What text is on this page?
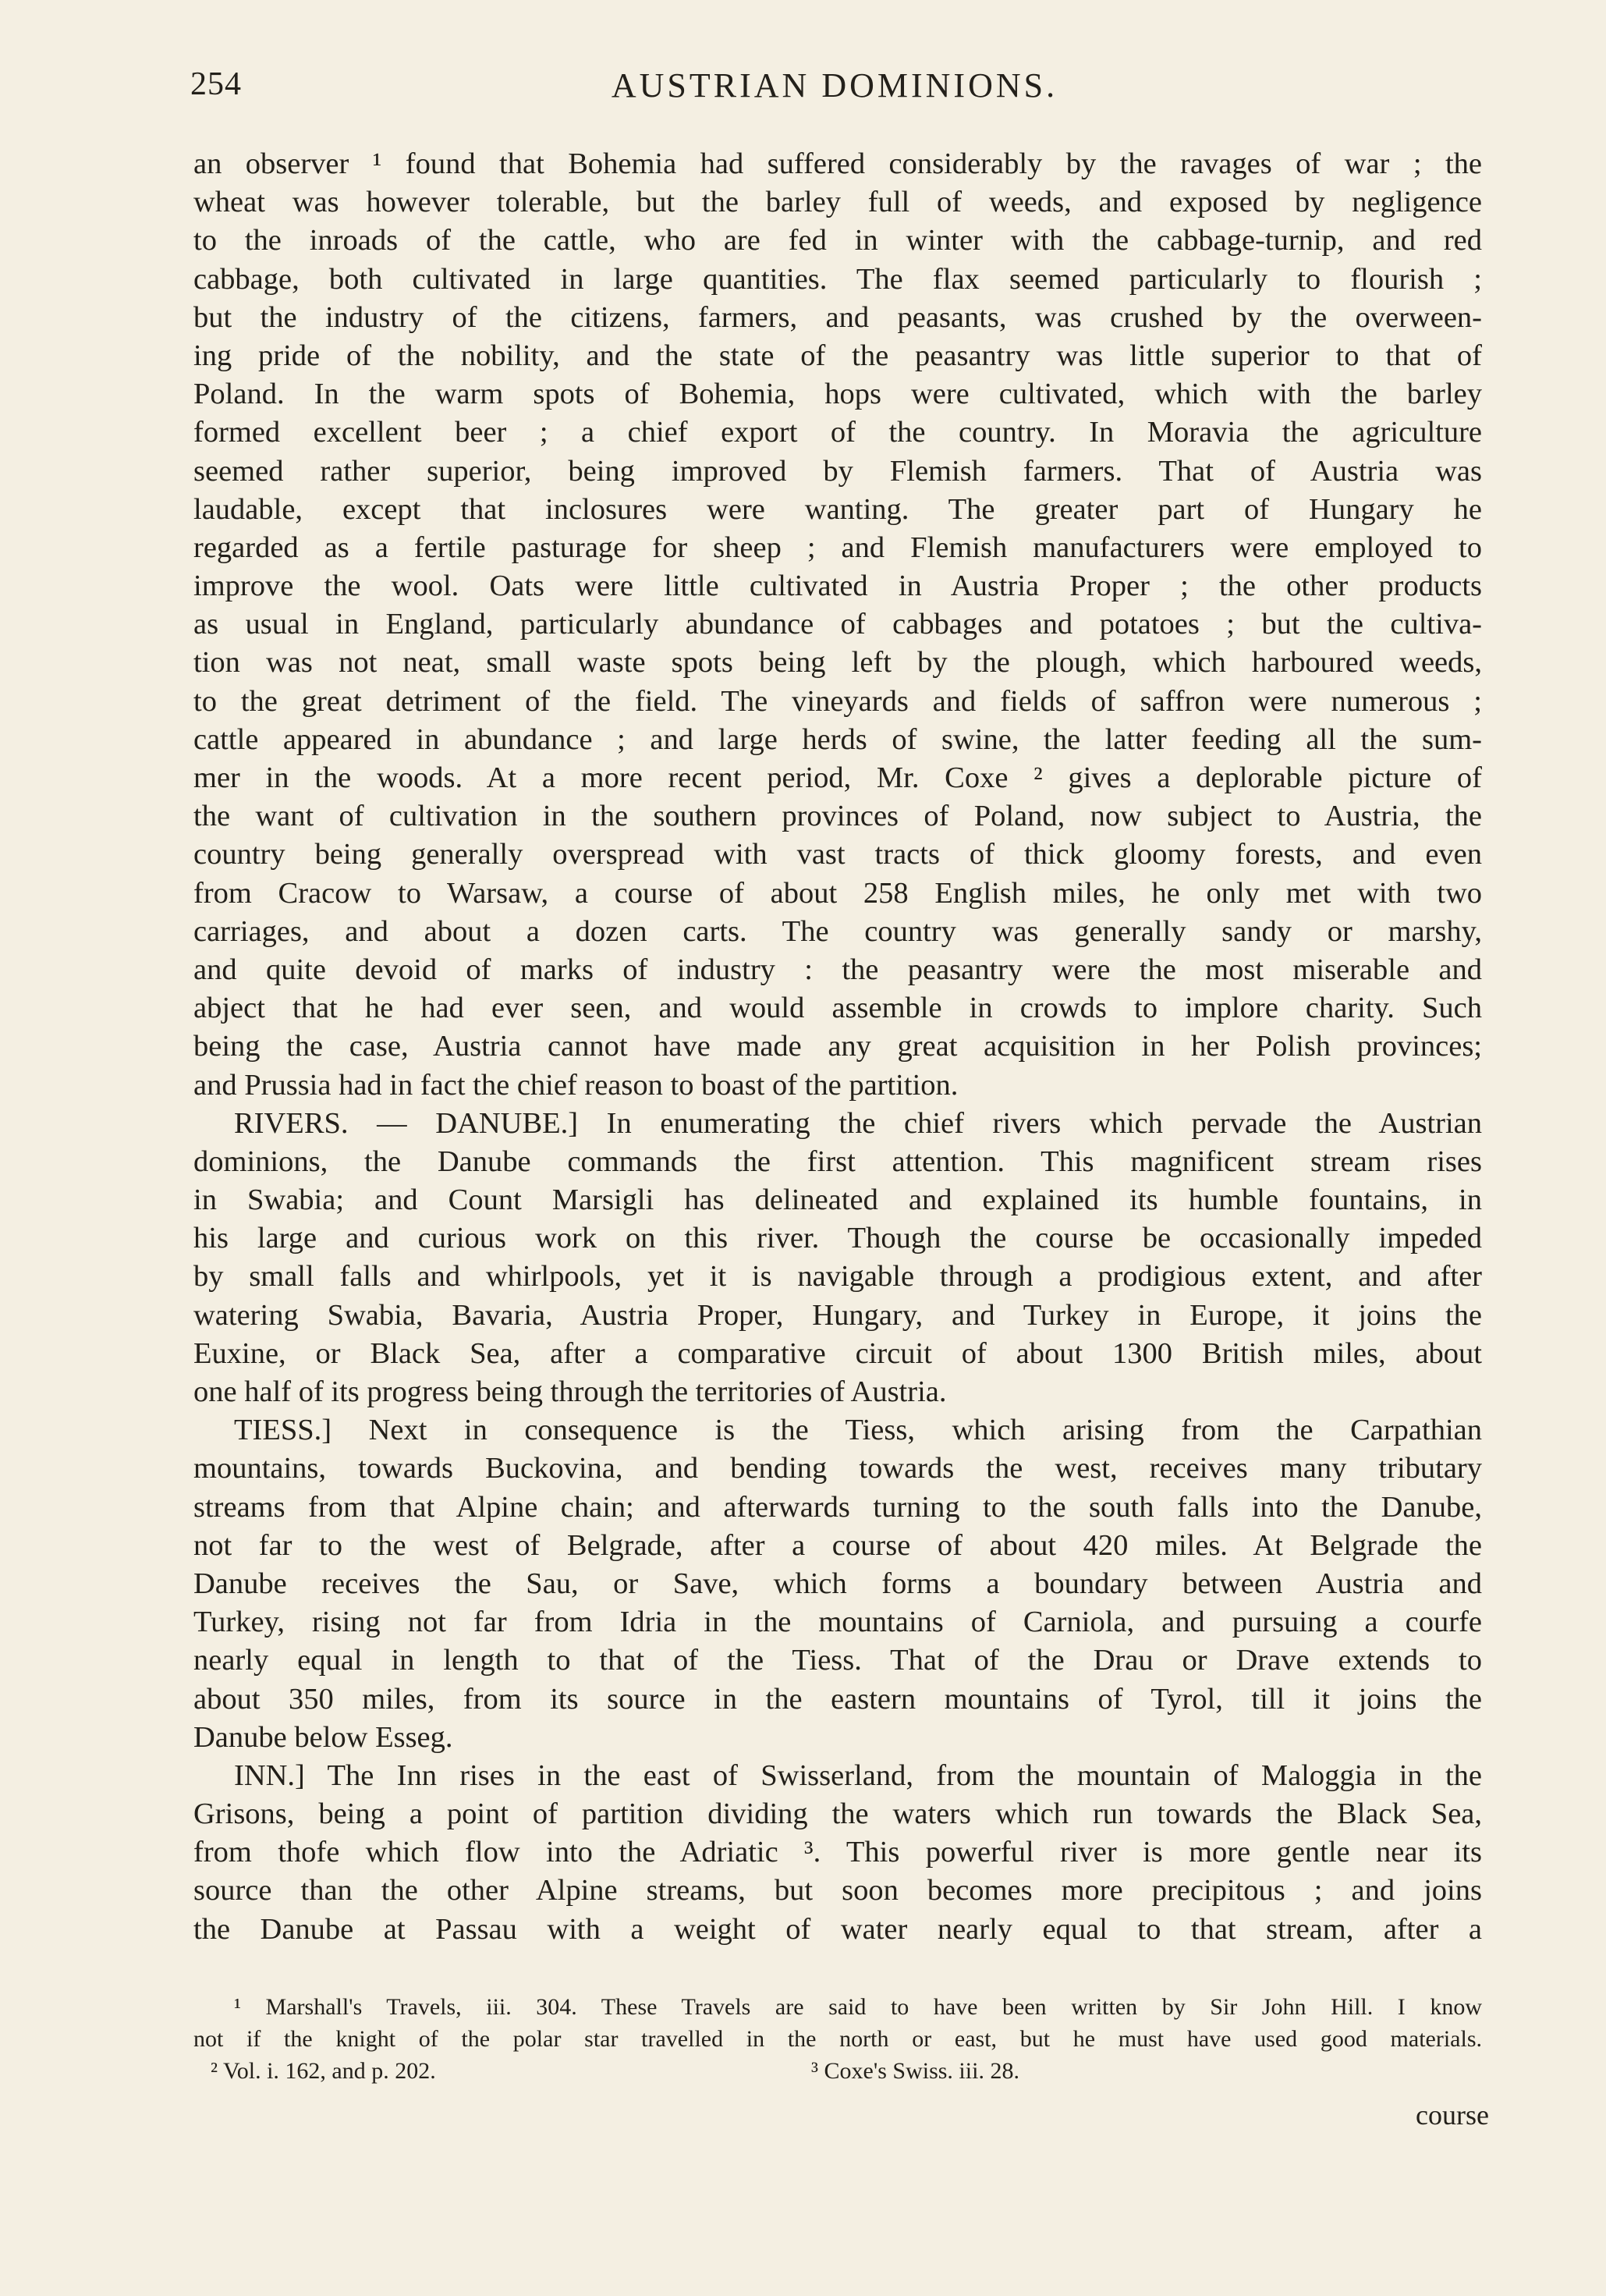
254	AUSTRIAN DOMINIONS.
an observer ¹ found that Bohemia had suffered considerably by the ravages of war ; the
wheat was however tolerable, but the barley full of weeds, and exposed by negligence
to the inroads of the cattle, who are fed in winter with the cabbage-turnip, and red
cabbage, both cultivated in large quantities. The flax seemed particularly to flourish ;
but the industry of the citizens, farmers, and peasants, was crushed by the overween-
ing pride of the nobility, and the state of the peasantry was little superior to that of
Poland. In the warm spots of Bohemia, hops were cultivated, which with the barley
formed excellent beer ; a chief export of the country. In Moravia the agriculture
seemed rather superior, being improved by Flemish farmers. That of Austria was
laudable, except that inclosures were wanting. The greater part of Hungary he
regarded as a fertile pasturage for sheep ; and Flemish manufacturers were employed to
improve the wool. Oats were little cultivated in Austria Proper ; the other products
as usual in England, particularly abundance of cabbages and potatoes ; but the cultiva-
tion was not neat, small waste spots being left by the plough, which harboured weeds,
to the great detriment of the field. The vineyards and fields of saffron were numerous ;
cattle appeared in abundance ; and large herds of swine, the latter feeding all the sum-
mer in the woods. At a more recent period, Mr. Coxe ² gives a deplorable picture of
the want of cultivation in the southern provinces of Poland, now subject to Austria, the
country being generally overspread with vast tracts of thick gloomy forests, and even
from Cracow to Warsaw, a course of about 258 English miles, he only met with two
carriages, and about a dozen carts. The country was generally sandy or marshy,
and quite devoid of marks of industry : the peasantry were the most miserable and
abject that he had ever seen, and would assemble in crowds to implore charity. Such
being the case, Austria cannot have made any great acquisition in her Polish provinces;
and Prussia had in fact the chief reason to boast of the partition.
RIVERS. — DANUBE.] In enumerating the chief rivers which pervade the Austrian
dominions, the Danube commands the first attention. This magnificent stream rises
in Swabia; and Count Marsigli has delineated and explained its humble fountains, in
his large and curious work on this river. Though the course be occasionally impeded
by small falls and whirlpools, yet it is navigable through a prodigious extent, and after
watering Swabia, Bavaria, Austria Proper, Hungary, and Turkey in Europe, it joins the
Euxine, or Black Sea, after a comparative circuit of about 1300 British miles, about
one half of its progress being through the territories of Austria.
TIESS.] Next in consequence is the Tiess, which arising from the Carpathian
mountains, towards Buckovina, and bending towards the west, receives many tributary
streams from that Alpine chain; and afterwards turning to the south falls into the Danube,
not far to the west of Belgrade, after a course of about 420 miles. At Belgrade the
Danube receives the Sau, or Save, which forms a boundary between Austria and
Turkey, rising not far from Idria in the mountains of Carniola, and pursuing a courfe
nearly equal in length to that of the Tiess. That of the Drau or Drave extends to
about 350 miles, from its source in the eastern mountains of Tyrol, till it joins the
Danube below Esseg.
INN.] The Inn rises in the east of Swisserland, from the mountain of Maloggia in the
Grisons, being a point of partition dividing the waters which run towards the Black Sea,
from thofe which flow into the Adriatic ³. This powerful river is more gentle near its
source than the other Alpine streams, but soon becomes more precipitous ; and joins
the Danube at Passau with a weight of water nearly equal to that stream, after a
¹ Marshall's Travels, iii. 304. These Travels are said to have been written by Sir John Hill. I know
not if the knight of the polar star travelled in the north or east, but he must have used good materials.
² Vol. i. 162, and p. 202.	³ Coxe's Swiss. iii. 28.
course
